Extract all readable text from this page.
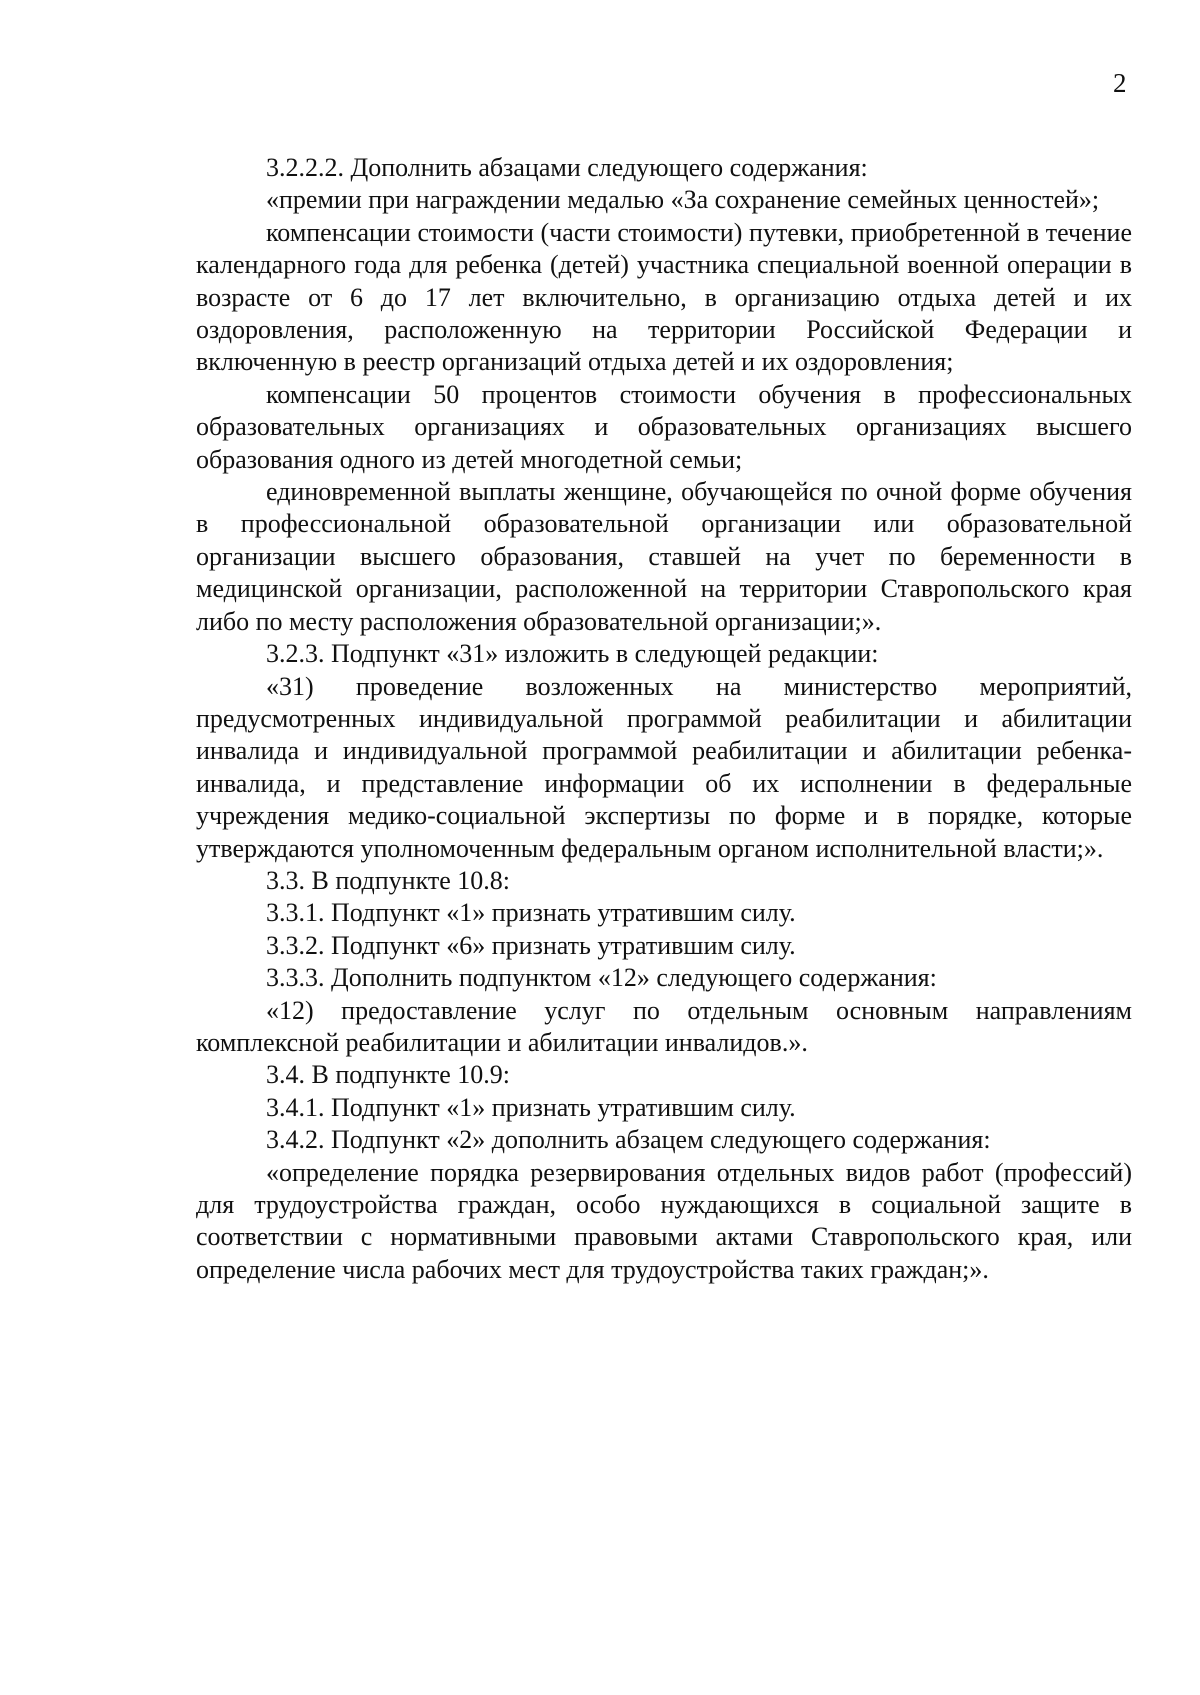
2

3.2.2.2. Дополнить абзацами следующего содержания:

«премии при награждении медалью «За сохранение семейных ценностей»;

компенсации стоимости (части стоимости) путевки, приобретенной в течение календарного года для ребенка (детей) участника специальной военной операции в возрасте от 6 до 17 лет включительно, в организацию отдыха детей и их оздоровления, расположенную на территории Российской Федерации и включенную в реестр организаций отдыха детей и их оздоровления;

компенсации 50 процентов стоимости обучения в профессиональных образовательных организациях и образовательных организациях высшего образования одного из детей многодетной семьи;

единовременной выплаты женщине, обучающейся по очной форме обучения в профессиональной образовательной организации или образовательной организации высшего образования, ставшей на учет по беременности в медицинской организации, расположенной на территории Ставропольского края либо по месту расположения образовательной организации;».

3.2.3. Подпункт «31» изложить в следующей редакции:

«31) проведение возложенных на министерство мероприятий, предусмотренных индивидуальной программой реабилитации и абилитации инвалида и индивидуальной программой реабилитации и абилитации ребенка-инвалида, и представление информации об их исполнении в федеральные учреждения медико-социальной экспертизы по форме и в порядке, которые утверждаются уполномоченным федеральным органом исполнительной власти;».

3.3. В подпункте 10.8:

3.3.1. Подпункт «1» признать утратившим силу.

3.3.2. Подпункт «6» признать утратившим силу.

3.3.3. Дополнить подпунктом «12» следующего содержания:

«12) предоставление услуг по отдельным основным направлениям комплексной реабилитации и абилитации инвалидов.».

3.4. В подпункте 10.9:

3.4.1. Подпункт «1» признать утратившим силу.

3.4.2. Подпункт «2» дополнить абзацем следующего содержания:

«определение порядка резервирования отдельных видов работ (профессий) для трудоустройства граждан, особо нуждающихся в социальной защите в соответствии с нормативными правовыми актами Ставропольского края, или определение числа рабочих мест для трудоустройства таких граждан;».
